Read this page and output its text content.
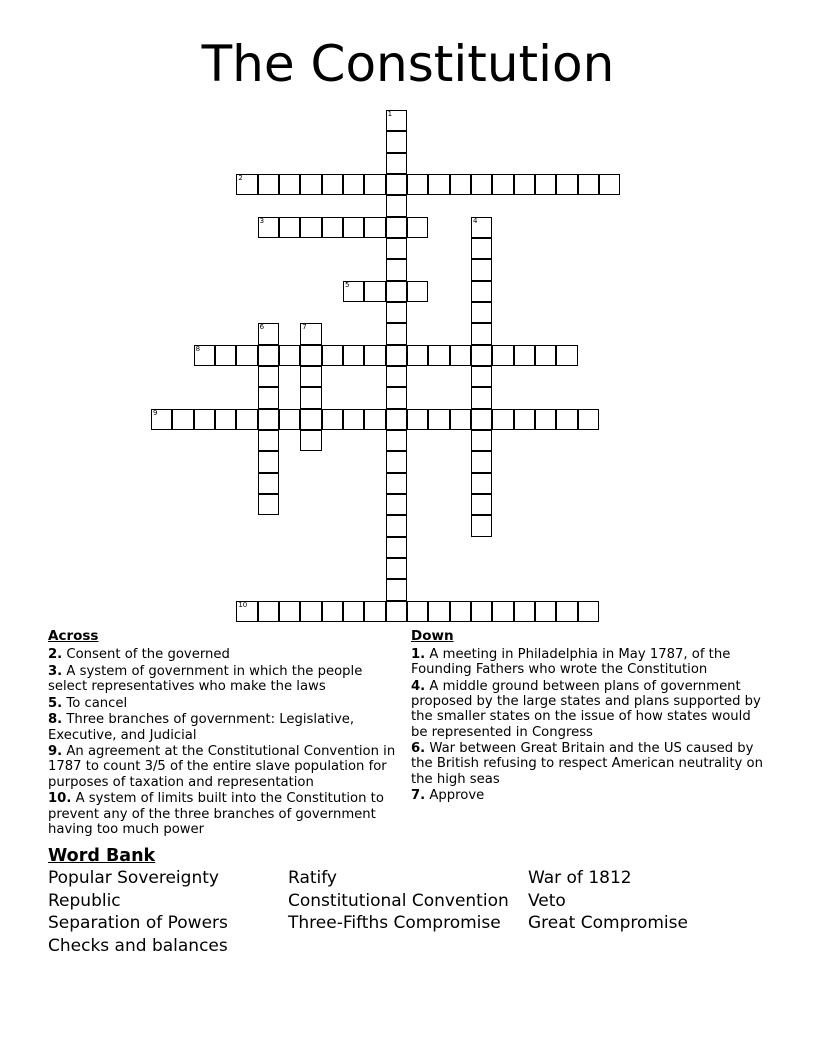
The Constitution
1
2
3	4
5
6	7
8
9
10
Across
2. Consent of the governed
3. A system of government in which the people select representatives who make the laws
5. To cancel
8. Three branches of government: Legislative, Executive, and Judicial
9. An agreement at the Constitutional Convention in 1787 to count 3/5 of the entire slave population for purposes of taxation and representation
10. A system of limits built into the Constitution to prevent any of the three branches of government having too much power
Down
1. A meeting in Philadelphia in May 1787, of the Founding Fathers who wrote the Constitution
4. A middle ground between plans of government proposed by the large states and plans supported by the smaller states on the issue of how states would be represented in Congress
6. War between Great Britain and the US caused by the British refusing to respect American neutrality on the high seas
7. Approve
Word Bank
Popular Sovereignty
Republic
Separation of Powers
Checks and balances
Ratify
Constitutional Convention
Three-Fifths Compromise
War of 1812
Veto
Great Compromise
